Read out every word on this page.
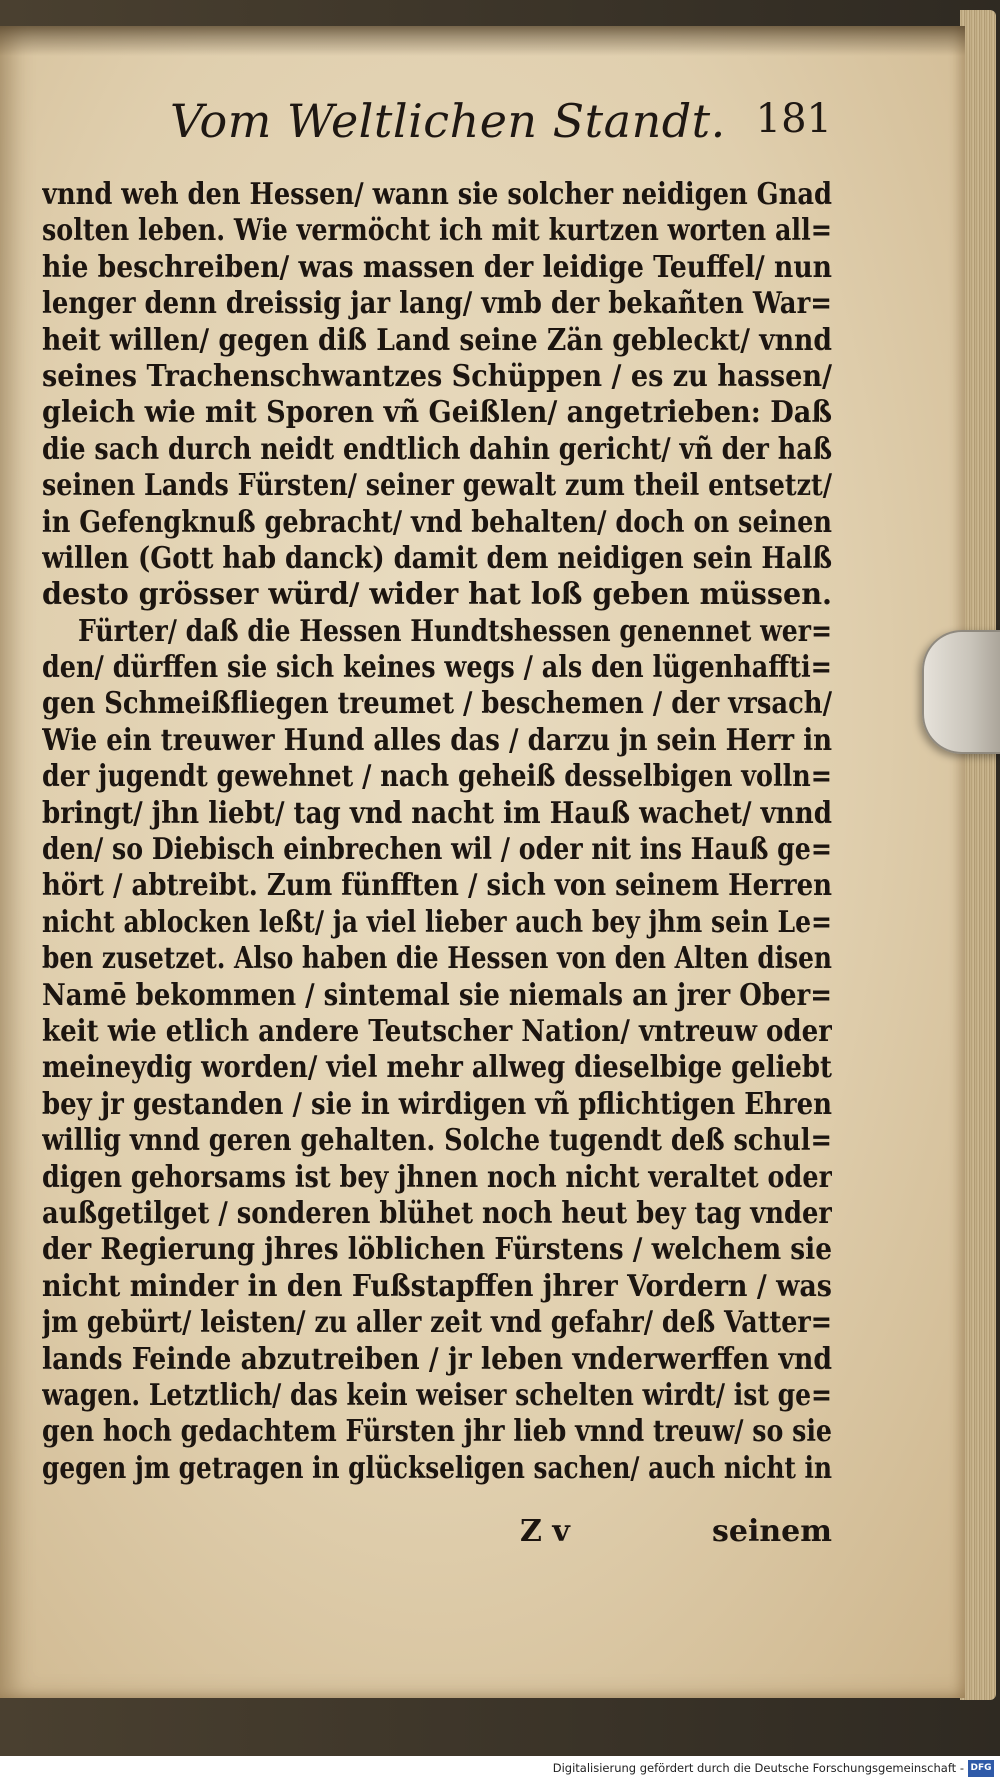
Vom Weltlichen Standt. 181
vnnd weh den Hessen/ wann sie solcher neidigen Gnad
solten leben. Wie vermöcht ich mit kurtzen worten all=
hie beschreiben/ was massen der leidige Teuffel/ nun
lenger denn dreissig jar lang/ vmb der bekañten War=
heit willen/ gegen diß Land seine Zän gebleckt/ vnnd
seines Trachenschwantzes Schüppen / es zu hassen/
gleich wie mit Sporen vñ Geißlen/ angetrieben: Daß
die sach durch neidt endtlich dahin gericht/ vñ der haß
seinen Lands Fürsten/ seiner gewalt zum theil entsetzt/
in Gefengknuß gebracht/ vnd behalten/ doch on seinen
willen (Gott hab danck) damit dem neidigen sein Halß
desto grösser würd/ wider hat loß geben müssen.
Fürter/ daß die Hessen Hundtshessen genennet wer=
den/ dürffen sie sich keines wegs / als den lügenhaffti=
gen Schmeißfliegen treumet / beschemen / der vrsach/
Wie ein treuwer Hund alles das / darzu jn sein Herr in
der jugendt gewehnet / nach geheiß desselbigen volln=
bringt/ jhn liebt/ tag vnd nacht im Hauß wachet/ vnnd
den/ so Diebisch einbrechen wil / oder nit ins Hauß ge=
hört / abtreibt. Zum fünfften / sich von seinem Herren
nicht ablocken leßt/ ja viel lieber auch bey jhm sein Le=
ben zusetzet. Also haben die Hessen von den Alten disen
Namē bekommen / sintemal sie niemals an jrer Ober=
keit wie etlich andere Teutscher Nation/ vntreuw oder
meineydig worden/ viel mehr allweg dieselbige geliebt
bey jr gestanden / sie in wirdigen vñ pflichtigen Ehren
willig vnnd geren gehalten. Solche tugendt deß schul=
digen gehorsams ist bey jhnen noch nicht veraltet oder
außgetilget / sonderen blühet noch heut bey tag vnder
der Regierung jhres löblichen Fürstens / welchem sie
nicht minder in den Fußstapffen jhrer Vordern / was
jm gebürt/ leisten/ zu aller zeit vnd gefahr/ deß Vatter=
lands Feinde abzutreiben / jr leben vnderwerffen vnd
wagen. Letztlich/ das kein weiser schelten wirdt/ ist ge=
gen hoch gedachtem Fürsten jhr lieb vnnd treuw/ so sie
gegen jm getragen in glückseligen sachen/ auch nicht in
Z v	seinem
Digitalisierung gefördert durch die Deutsche Forschungsgemeinschaft - DFG
